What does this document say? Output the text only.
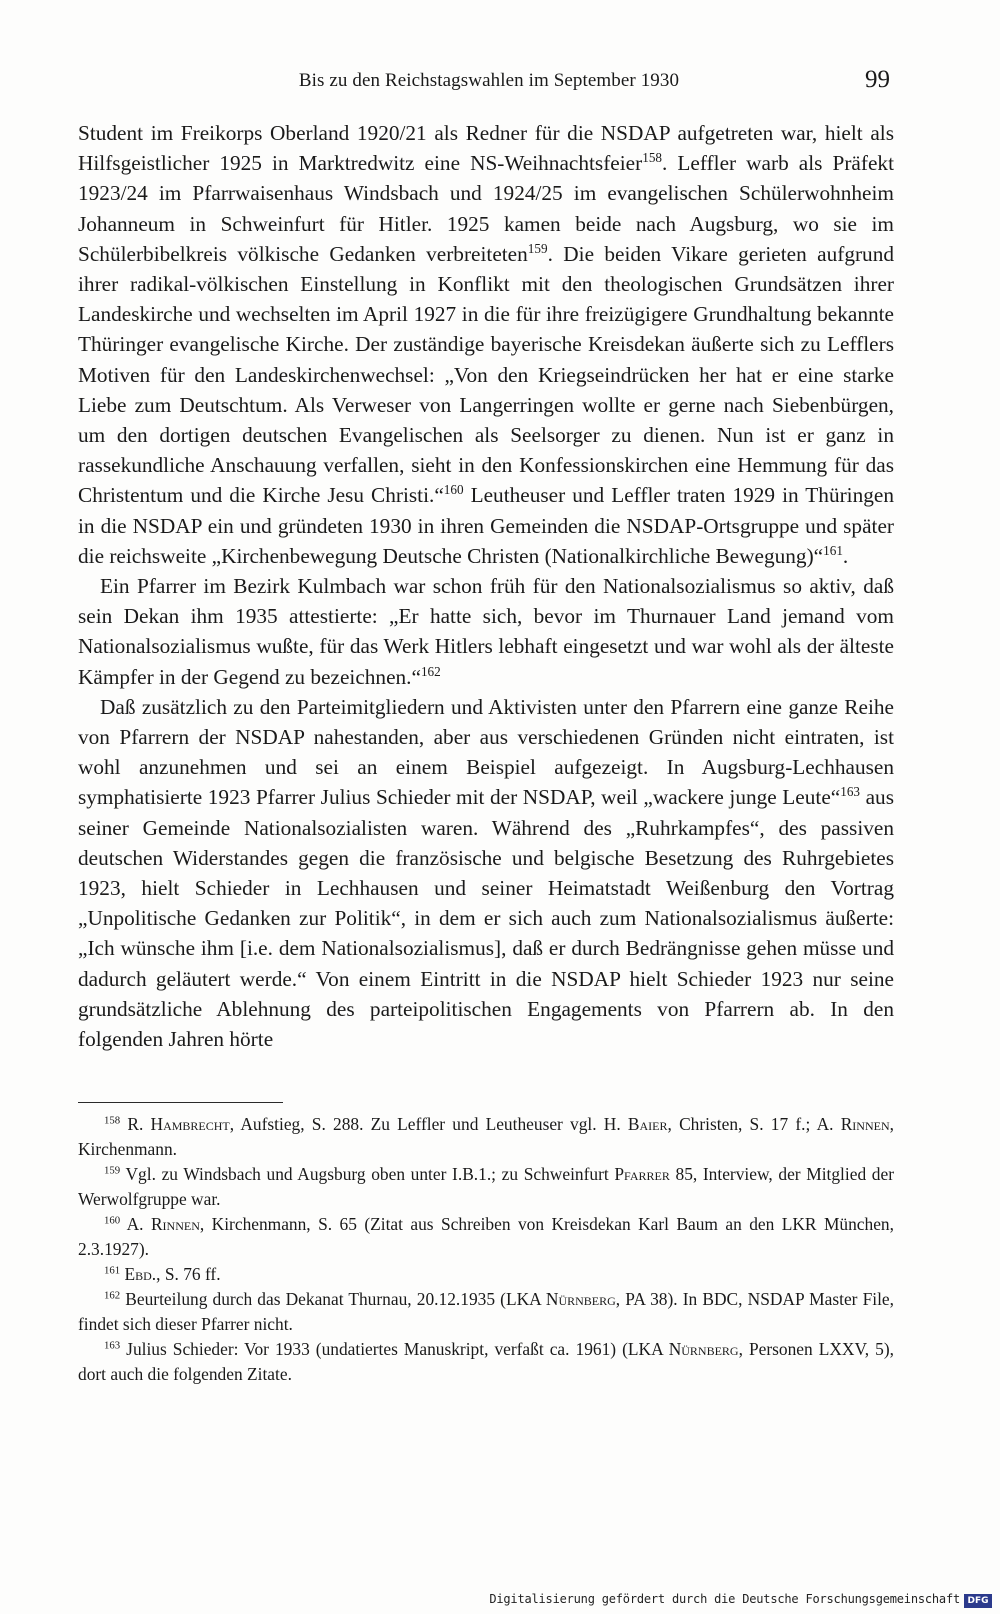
Bis zu den Reichstagswahlen im September 1930	99

Student im Freikorps Oberland 1920/21 als Redner für die NSDAP aufgetreten war, hielt als Hilfsgeistlicher 1925 in Marktredwitz eine NS-Weihnachtsfeier$^{158}$. Leffler warb als Präfekt 1923/24 im Pfarrwaisenhaus Windsbach und 1924/25 im evangelischen Schülerwohnheim Johanneum in Schweinfurt für Hitler. 1925 kamen beide nach Augsburg, wo sie im Schülerbibelkreis völkische Gedanken verbreiteten$^{159}$. Die beiden Vikare gerieten aufgrund ihrer radikal-völkischen Einstellung in Konflikt mit den theologischen Grundsätzen ihrer Landeskirche und wechselten im April 1927 in die für ihre freizügigere Grundhaltung bekannte Thüringer evangelische Kirche. Der zuständige bayerische Kreisdekan äußerte sich zu Lefflers Motiven für den Landeskirchenwechsel: „Von den Kriegseindrücken her hat er eine starke Liebe zum Deutschtum. Als Verweser von Langerringen wollte er gerne nach Siebenbürgen, um den dortigen deutschen Evangelischen als Seelsorger zu dienen. Nun ist er ganz in rassekundliche Anschauung verfallen, sieht in den Konfessionskirchen eine Hemmung für das Christentum und die Kirche Jesu Christi.“$^{160}$ Leutheuser und Leffler traten 1929 in Thüringen in die NSDAP ein und gründeten 1930 in ihren Gemeinden die NSDAP-Ortsgruppe und später die reichsweite „Kirchenbewegung Deutsche Christen (Nationalkirchliche Bewegung)“$^{161}$.

Ein Pfarrer im Bezirk Kulmbach war schon früh für den Nationalsozialismus so aktiv, daß sein Dekan ihm 1935 attestierte: „Er hatte sich, bevor im Thurnauer Land jemand vom Nationalsozialismus wußte, für das Werk Hitlers lebhaft eingesetzt und war wohl als der älteste Kämpfer in der Gegend zu bezeichnen.“$^{162}$

Daß zusätzlich zu den Parteimitgliedern und Aktivisten unter den Pfarrern eine ganze Reihe von Pfarrern der NSDAP nahestanden, aber aus verschiedenen Gründen nicht eintraten, ist wohl anzunehmen und sei an einem Beispiel aufgezeigt. In Augsburg-Lechhausen symphatisierte 1923 Pfarrer Julius Schieder mit der NSDAP, weil „wackere junge Leute“$^{163}$ aus seiner Gemeinde Nationalsozialisten waren. Während des „Ruhrkampfes“, des passiven deutschen Widerstandes gegen die französische und belgische Besetzung des Ruhrgebietes 1923, hielt Schieder in Lechhausen und seiner Heimatstadt Weißenburg den Vortrag „Unpolitische Gedanken zur Politik“, in dem er sich auch zum Nationalsozialismus äußerte: „Ich wünsche ihm [i.e. dem Nationalsozialismus], daß er durch Bedrängnisse gehen müsse und dadurch geläutert werde.“ Von einem Eintritt in die NSDAP hielt Schieder 1923 nur seine grundsätzliche Ablehnung des parteipolitischen Engagements von Pfarrern ab. In den folgenden Jahren hörte

$^{158}$ R. Hambrecht, Aufstieg, S. 288. Zu Leffler und Leutheuser vgl. H. Baier, Christen, S. 17 f.; A. Rinnen, Kirchenmann.

$^{159}$ Vgl. zu Windsbach und Augsburg oben unter I.B.1.; zu Schweinfurt Pfarrer 85, Interview, der Mitglied der Werwolfgruppe war.

$^{160}$ A. Rinnen, Kirchenmann, S. 65 (Zitat aus Schreiben von Kreisdekan Karl Baum an den LKR München, 2.3.1927).

$^{161}$ Ebd., S. 76 ff.

$^{162}$ Beurteilung durch das Dekanat Thurnau, 20.12.1935 (LKA Nürnberg, PA 38). In BDC, NSDAP Master File, findet sich dieser Pfarrer nicht.

$^{163}$ Julius Schieder: Vor 1933 (undatiertes Manuskript, verfaßt ca. 1961) (LKA Nürnberg, Personen LXXV, 5), dort auch die folgenden Zitate.

Digitalisierung gefördert durch die Deutsche Forschungsgemeinschaft DFG
